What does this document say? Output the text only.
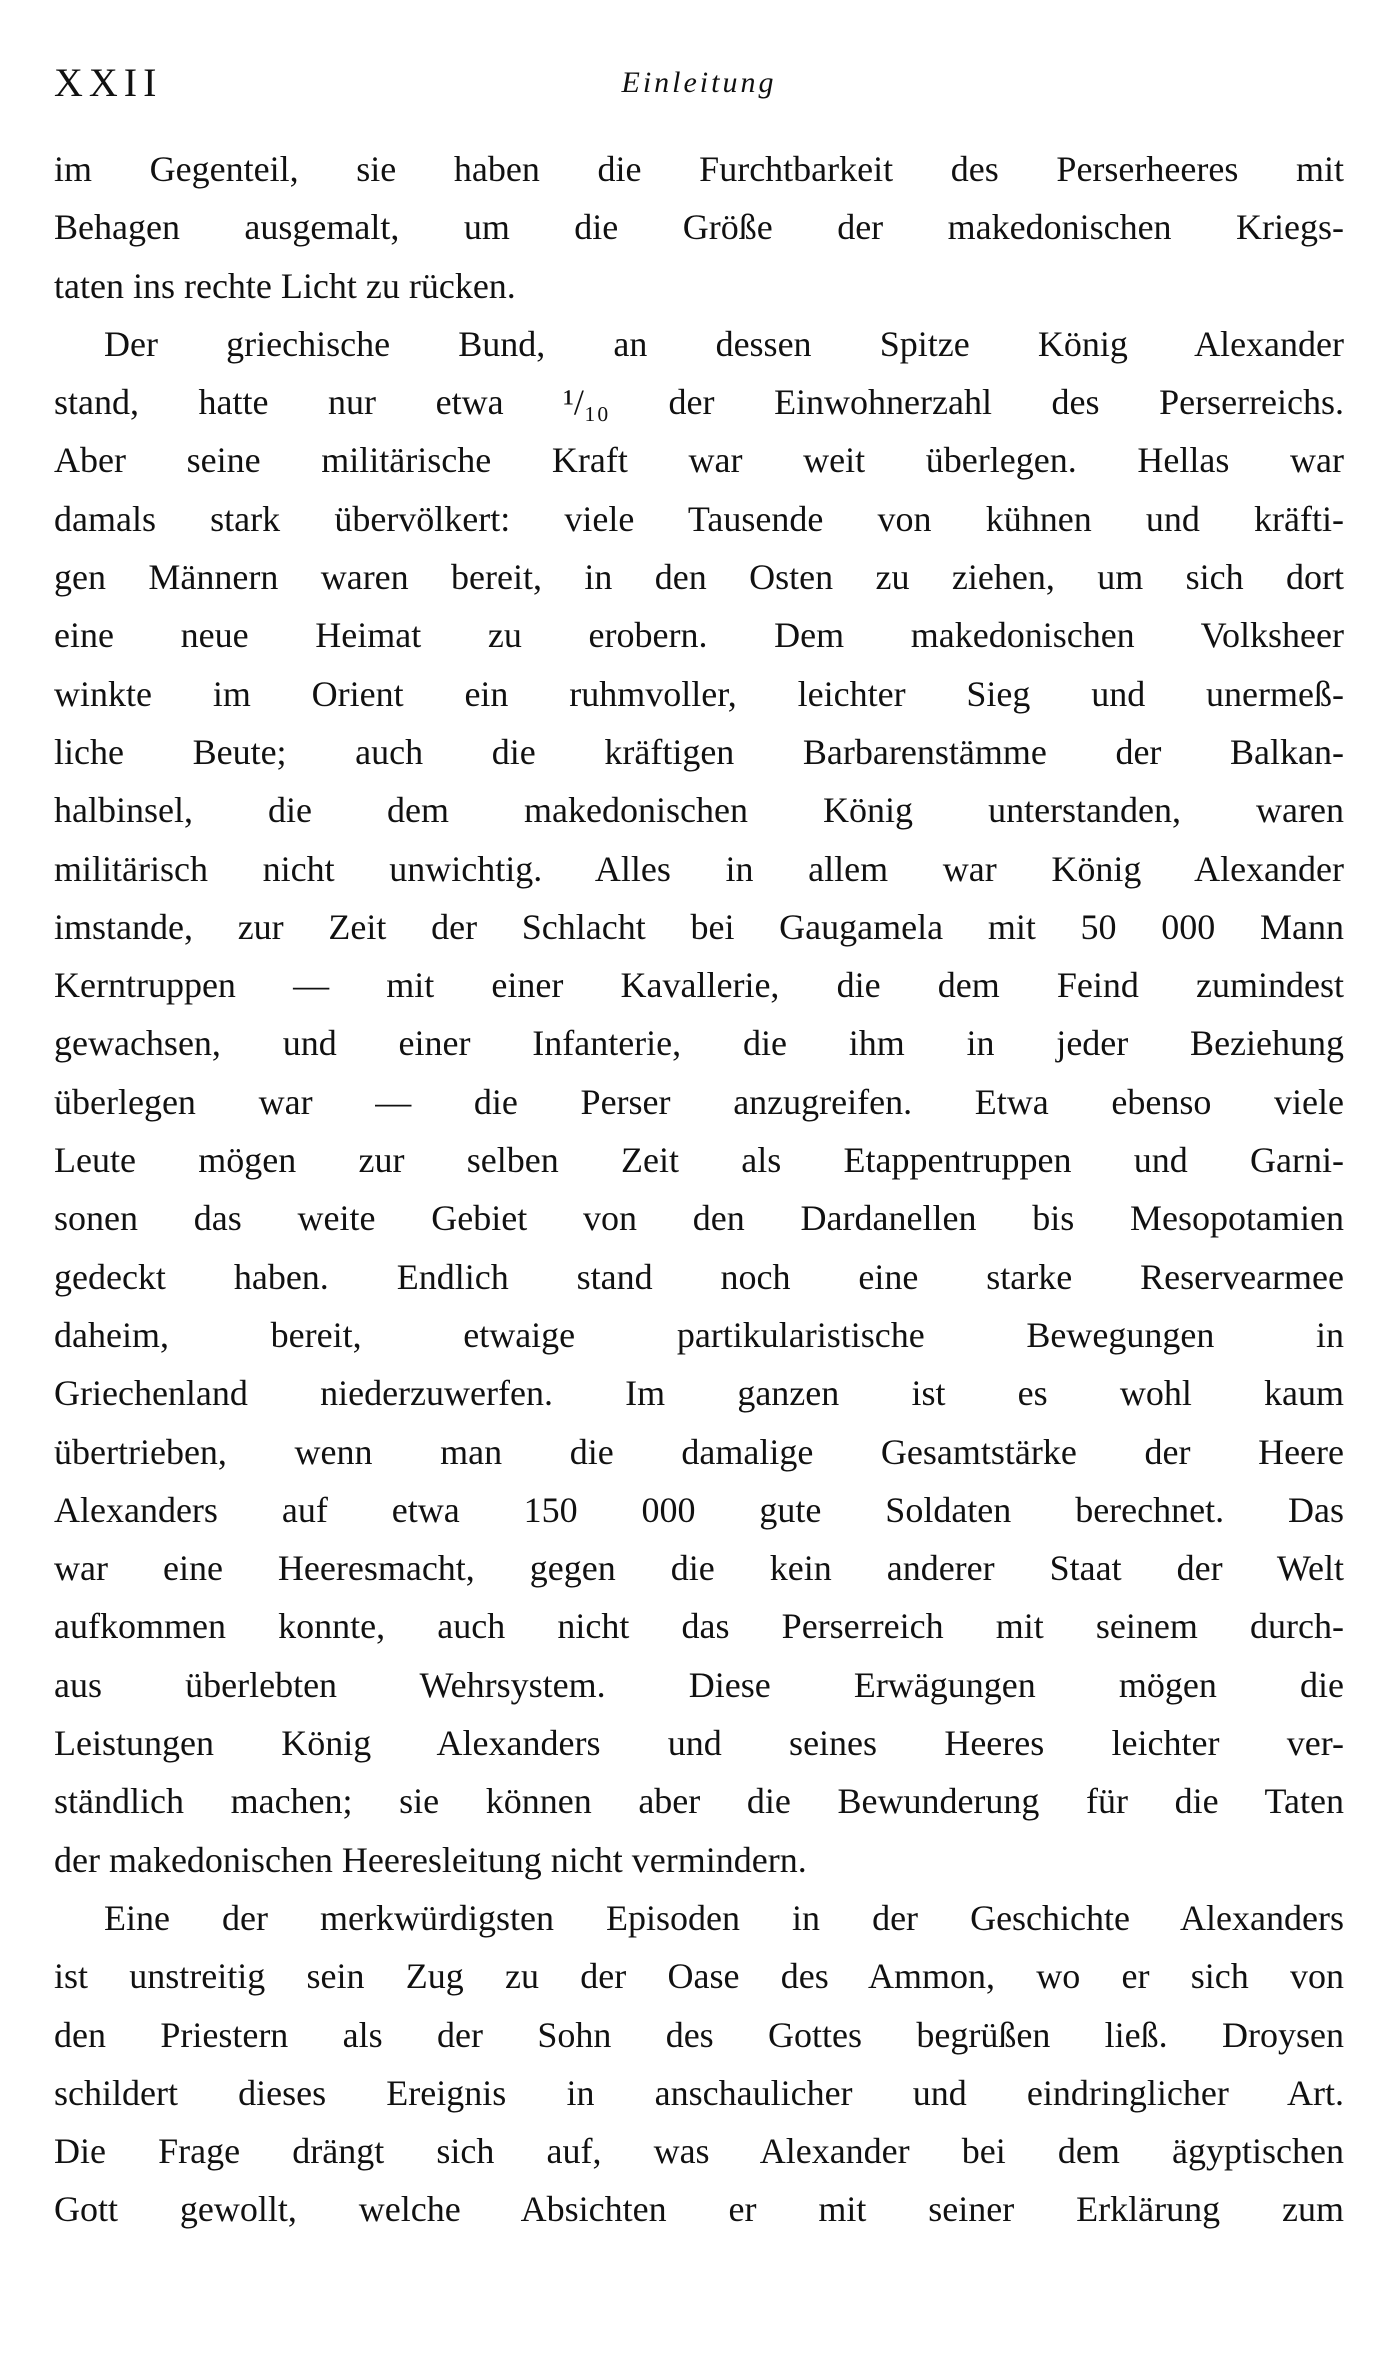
XXII	Einleitung
im Gegenteil, sie haben die Furchtbarkeit des Perserheeres mit
Behagen ausgemalt, um die Größe der makedonischen Kriegs-
taten ins rechte Licht zu rücken.
Der griechische Bund, an dessen Spitze König Alexander
stand, hatte nur etwa ¹/₁₀ der Einwohnerzahl des Perserreichs.
Aber seine militärische Kraft war weit überlegen. Hellas war
damals stark übervölkert: viele Tausende von kühnen und kräfti-
gen Männern waren bereit, in den Osten zu ziehen, um sich dort
eine neue Heimat zu erobern. Dem makedonischen Volksheer
winkte im Orient ein ruhmvoller, leichter Sieg und unermeß-
liche Beute; auch die kräftigen Barbarenstämme der Balkan-
halbinsel, die dem makedonischen König unterstanden, waren
militärisch nicht unwichtig. Alles in allem war König Alexander
imstande, zur Zeit der Schlacht bei Gaugamela mit 50 000 Mann
Kerntruppen — mit einer Kavallerie, die dem Feind zumindest
gewachsen, und einer Infanterie, die ihm in jeder Beziehung
überlegen war — die Perser anzugreifen. Etwa ebenso viele
Leute mögen zur selben Zeit als Etappentruppen und Garni-
sonen das weite Gebiet von den Dardanellen bis Mesopotamien
gedeckt haben. Endlich stand noch eine starke Reservearmee
daheim, bereit, etwaige partikularistische Bewegungen in
Griechenland niederzuwerfen. Im ganzen ist es wohl kaum
übertrieben, wenn man die damalige Gesamtstärke der Heere
Alexanders auf etwa 150 000 gute Soldaten berechnet. Das
war eine Heeresmacht, gegen die kein anderer Staat der Welt
aufkommen konnte, auch nicht das Perserreich mit seinem durch-
aus überlebten Wehrsystem. Diese Erwägungen mögen die
Leistungen König Alexanders und seines Heeres leichter ver-
ständlich machen; sie können aber die Bewunderung für die Taten
der makedonischen Heeresleitung nicht vermindern.
Eine der merkwürdigsten Episoden in der Geschichte Alexanders
ist unstreitig sein Zug zu der Oase des Ammon, wo er sich von
den Priestern als der Sohn des Gottes begrüßen ließ. Droysen
schildert dieses Ereignis in anschaulicher und eindringlicher Art.
Die Frage drängt sich auf, was Alexander bei dem ägyptischen
Gott gewollt, welche Absichten er mit seiner Erklärung zum
